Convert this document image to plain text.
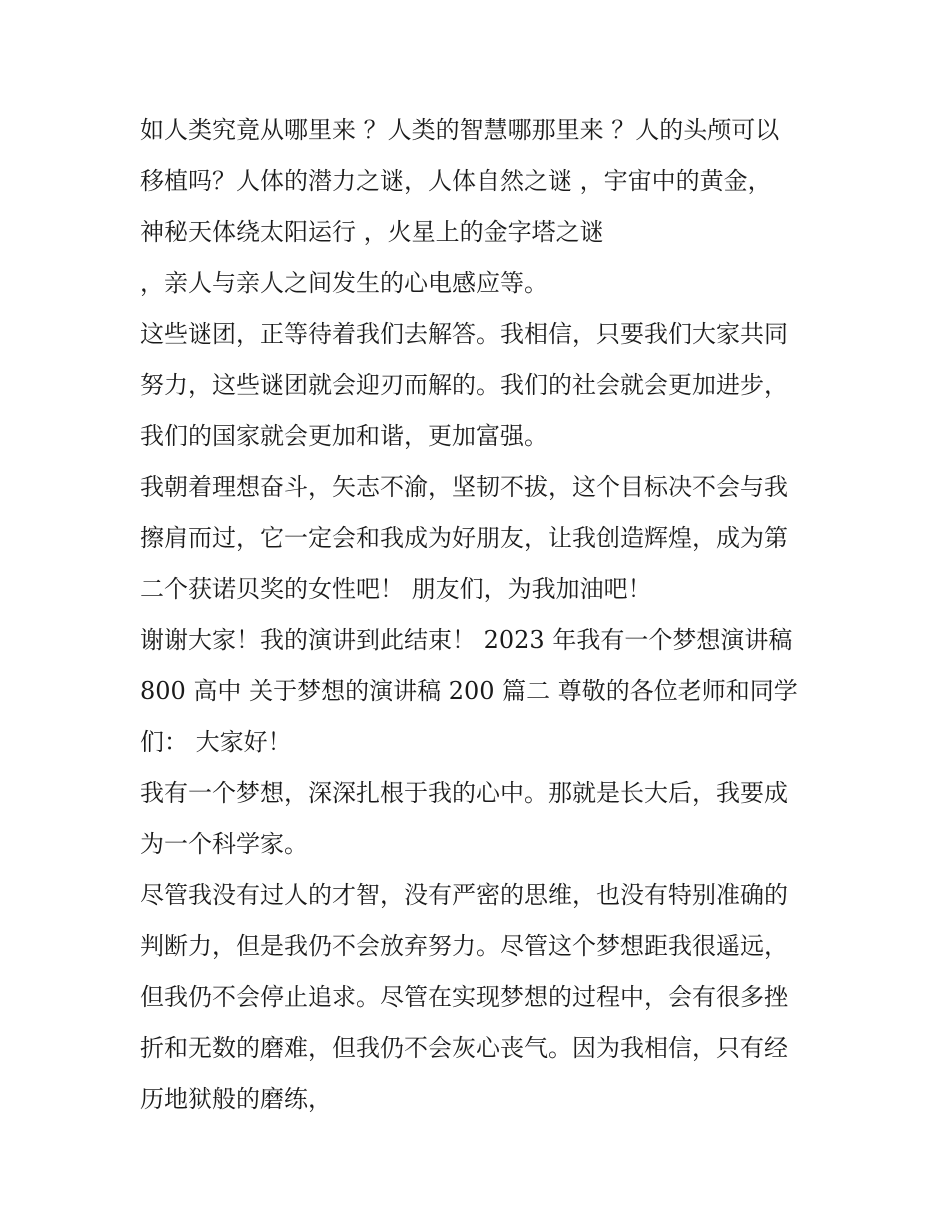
如人类究竟从哪里来 ？人类的智慧哪那里来 ？人的头颅可以
移植吗？人体的潜力之谜，人体自然之谜 ，宇宙中的黄金，
神秘天体绕太阳运行 ，火星上的金字塔之谜
，亲人与亲人之间发生的心电感应等。
这些谜团，正等待着我们去解答。我相信，只要我们大家共同
努力，这些谜团就会迎刃而解的。我们的社会就会更加进步，
我们的国家就会更加和谐，更加富强。
我朝着理想奋斗，矢志不渝，坚韧不拔，这个目标决不会与我
擦肩而过，它一定会和我成为好朋友，让我创造辉煌，成为第
二个获诺贝奖的女性吧！ 朋友们，为我加油吧！
谢谢大家！我的演讲到此结束！ 2023 年我有一个梦想演讲稿
800 高中 关于梦想的演讲稿 200 篇二 尊敬的各位老师和同学
们： 大家好！
我有一个梦想，深深扎根于我的心中。那就是长大后，我要成
为一个科学家。
尽管我没有过人的才智，没有严密的思维，也没有特别准确的
判断力，但是我仍不会放弃努力。尽管这个梦想距我很遥远，
但我仍不会停止追求。尽管在实现梦想的过程中，会有很多挫
折和无数的磨难，但我仍不会灰心丧气。因为我相信，只有经
历地狱般的磨练，
